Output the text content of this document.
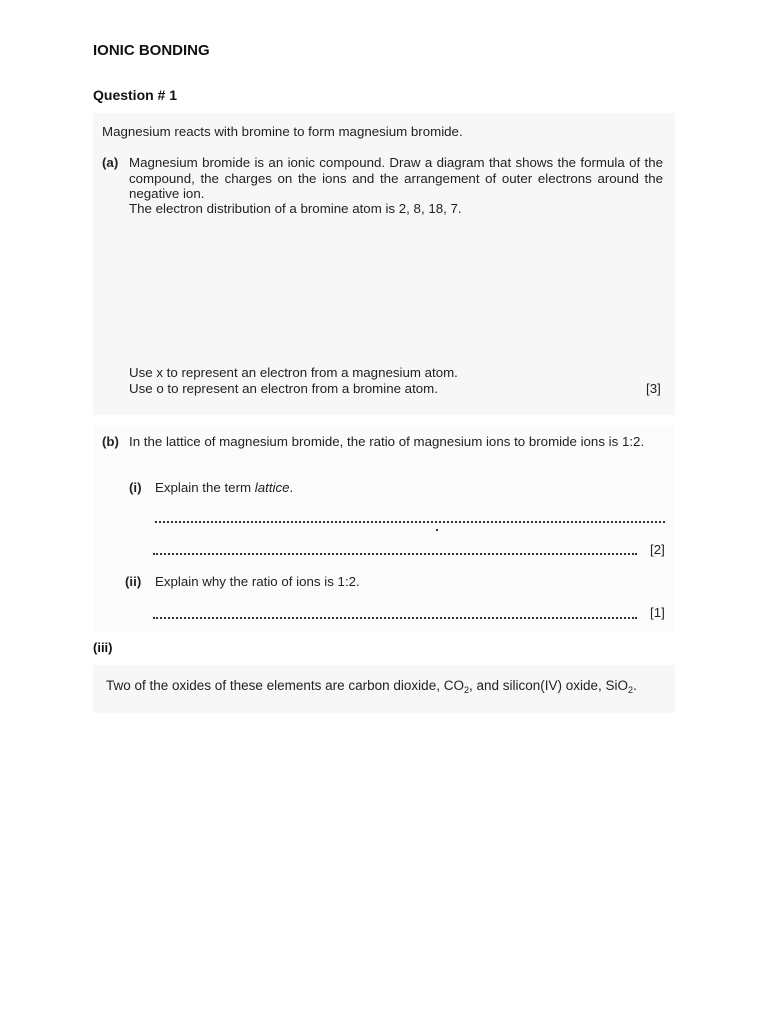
IONIC BONDING
Question # 1
Magnesium reacts with bromine to form magnesium bromide.
(a) Magnesium bromide is an ionic compound. Draw a diagram that shows the formula of the compound, the charges on the ions and the arrangement of outer electrons around the negative ion.
The electron distribution of a bromine atom is 2, 8, 18, 7.
Use x to represent an electron from a magnesium atom.
Use o to represent an electron from a bromine atom.	[3]
(b) In the lattice of magnesium bromide, the ratio of magnesium ions to bromide ions is 1:2.
(i) Explain the term lattice.
[2]
(ii) Explain why the ratio of ions is 1:2.
[1]
(iii)
Two of the oxides of these elements are carbon dioxide, $CO_2$, and silicon(IV) oxide, SiO$_2$.
